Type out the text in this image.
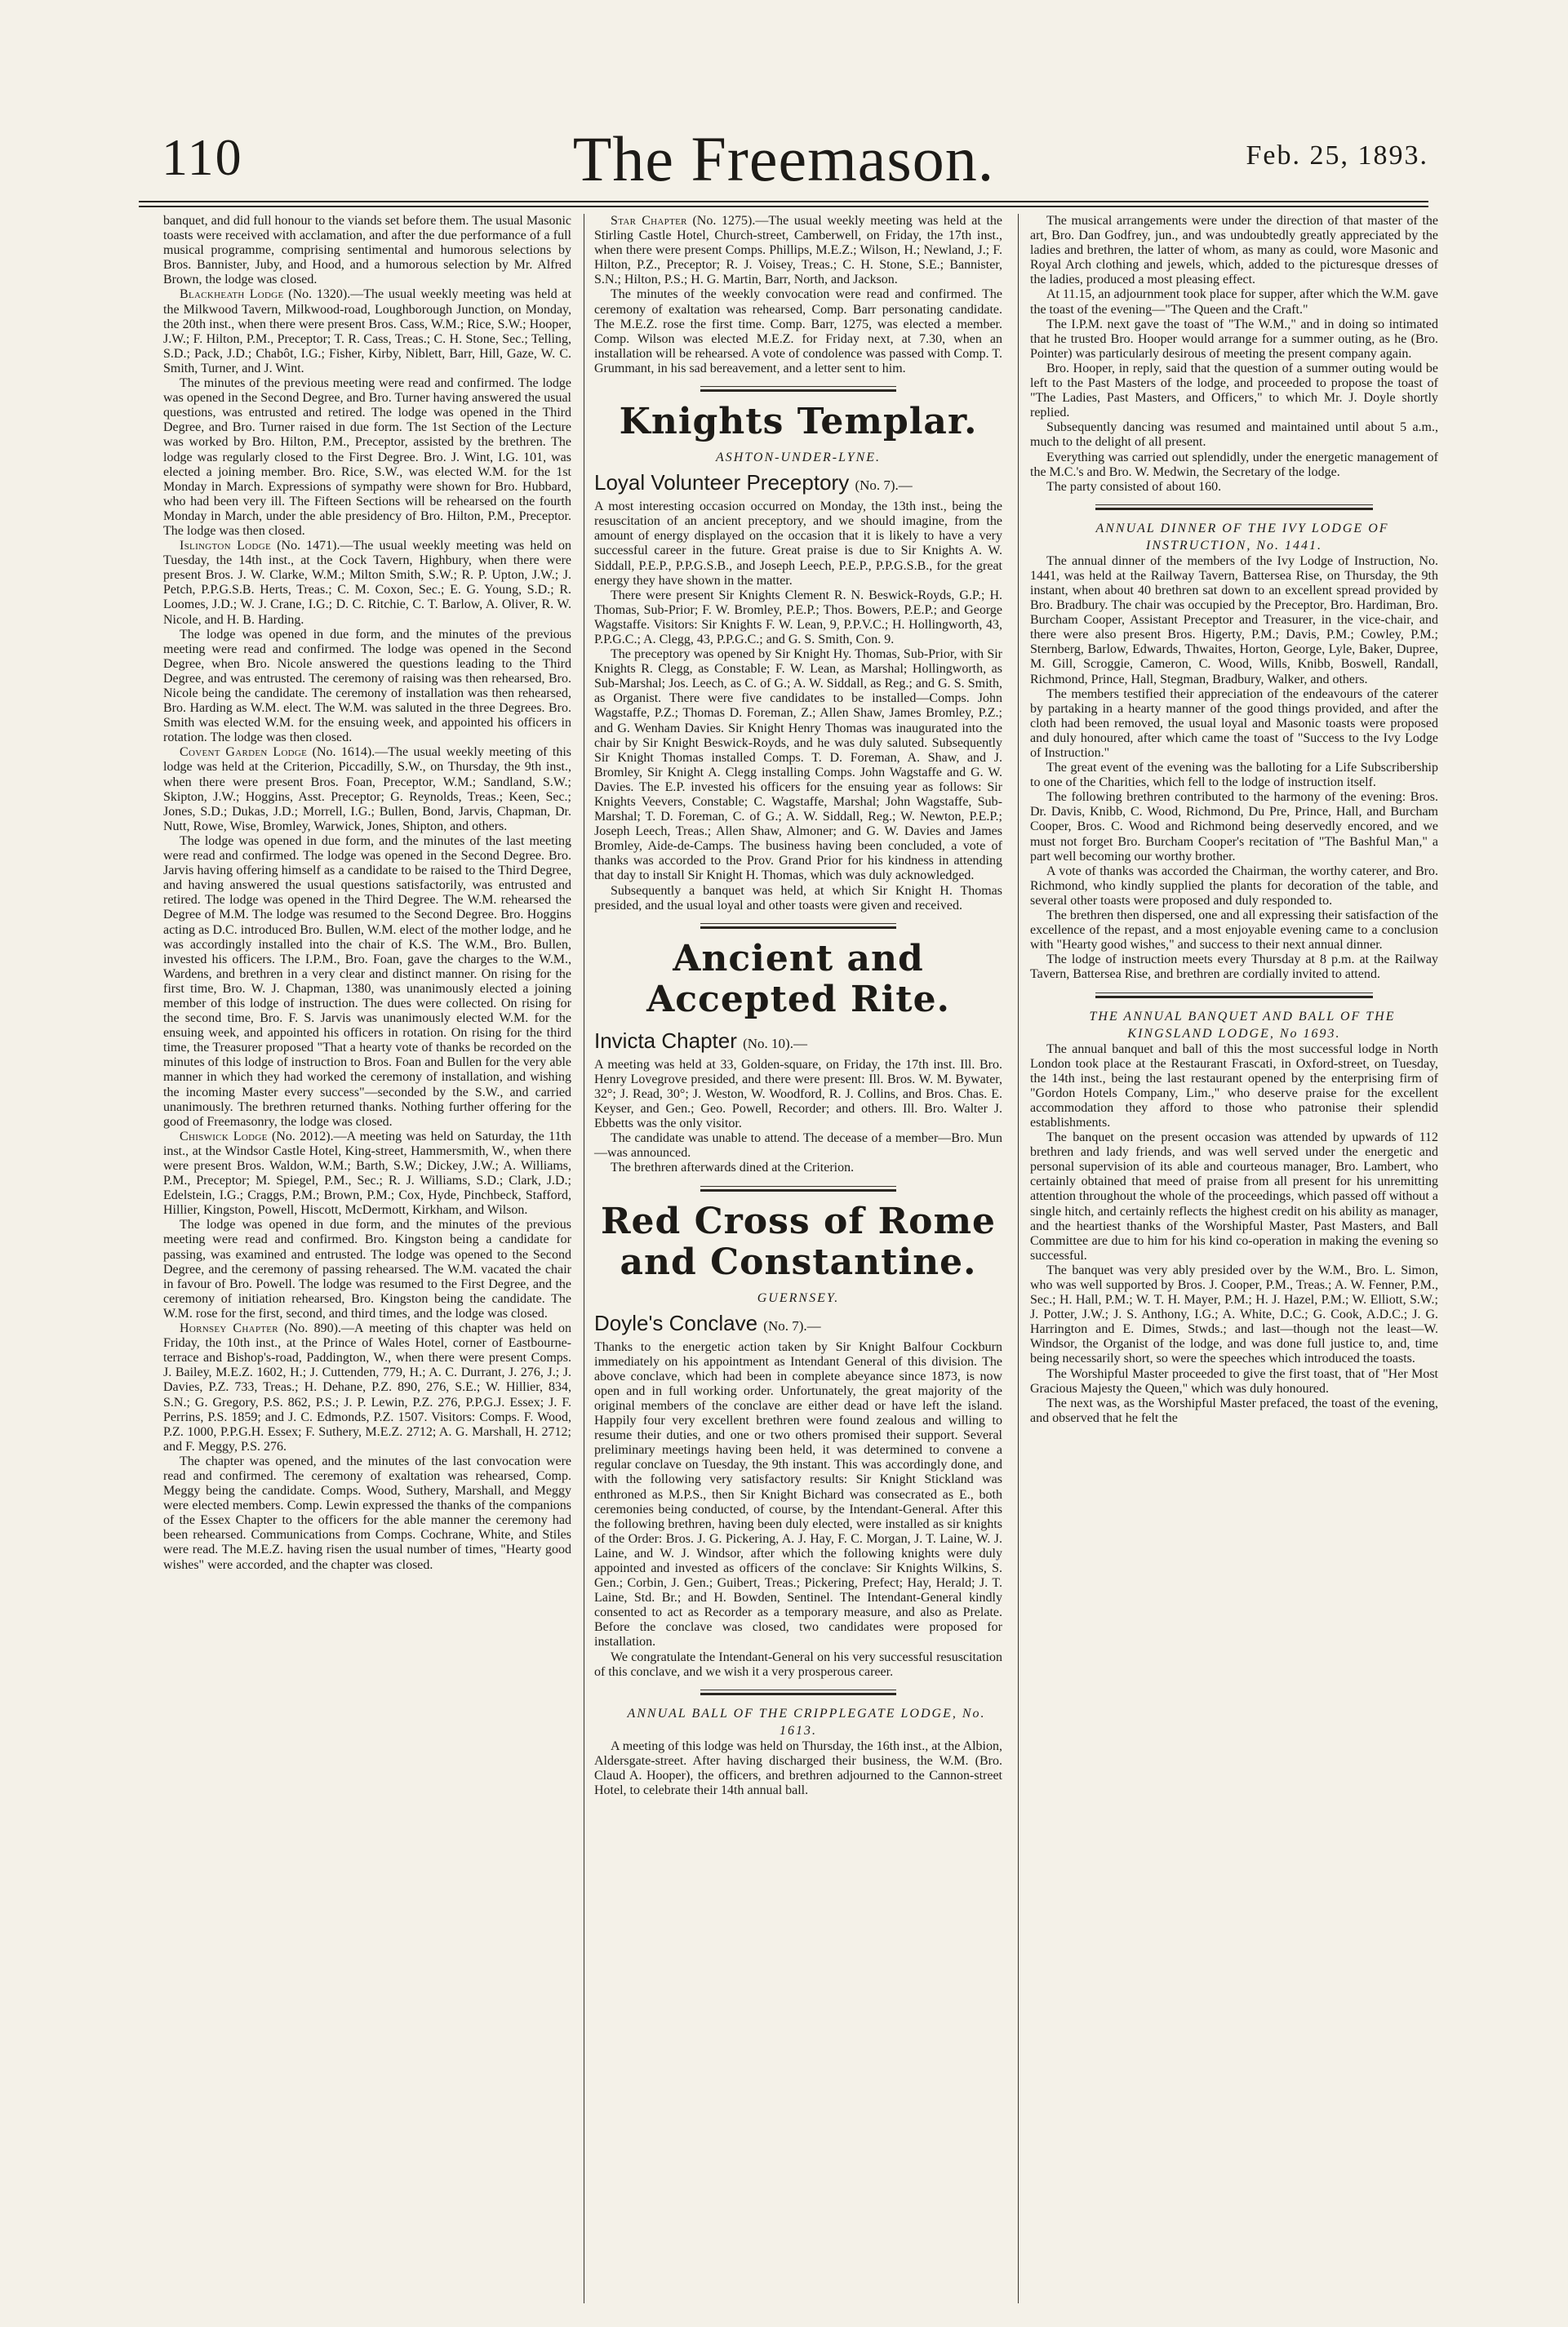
110	The Freemason.	Feb. 25, 1893.

banquet, and did full honour to the viands set before them. The usual Masonic toasts were received with acclamation, and after the due performance of a full musical programme, comprising sentimental and humorous selections by Bros. Bannister, Juby, and Hood, and a humorous selection by Mr. Alfred Brown, the lodge was closed.

Blackheath Lodge (No. 1320).—The usual weekly meeting was held at the Milkwood Tavern, Milkwood-road, Loughborough Junction, on Monday, the 20th inst., when there were present Bros. Cass, W.M.; Rice, S.W.; Hooper, J.W.; F. Hilton, P.M., Preceptor; T. R. Cass, Treas.; C. H. Stone, Sec.; Telling, S.D.; Pack, J.D.; Chabôt, I.G.; Fisher, Kirby, Niblett, Barr, Hill, Gaze, W. C. Smith, Turner, and J. Wint.

The minutes of the previous meeting were read and confirmed. The lodge was opened in the Second Degree, and Bro. Turner having answered the usual questions, was entrusted and retired. The lodge was opened in the Third Degree, and Bro. Turner raised in due form. The 1st Section of the Lecture was worked by Bro. Hilton, P.M., Preceptor, assisted by the brethren. The lodge was regularly closed to the First Degree. Bro. J. Wint, I.G. 101, was elected a joining member. Bro. Rice, S.W., was elected W.M. for the 1st Monday in March. Expressions of sympathy were shown for Bro. Hubbard, who had been very ill. The Fifteen Sections will be rehearsed on the fourth Monday in March, under the able presidency of Bro. Hilton, P.M., Preceptor. The lodge was then closed.

Islington Lodge (No. 1471).—The usual weekly meeting was held on Tuesday, the 14th inst., at the Cock Tavern, Highbury, when there were present Bros. J. W. Clarke, W.M.; Milton Smith, S.W.; R. P. Upton, J.W.; J. Petch, P.P.G.S.B. Herts, Treas.; C. M. Coxon, Sec.; E. G. Young, S.D.; R. Loomes, J.D.; W. J. Crane, I.G.; D. C. Ritchie, C. T. Barlow, A. Oliver, R. W. Nicole, and H. B. Harding.

The lodge was opened in due form, and the minutes of the previous meeting were read and confirmed. The lodge was opened in the Second Degree, when Bro. Nicole answered the questions leading to the Third Degree, and was entrusted. The ceremony of raising was then rehearsed, Bro. Nicole being the candidate. The ceremony of installation was then rehearsed, Bro. Harding as W.M. elect. The W.M. was saluted in the three Degrees. Bro. Smith was elected W.M. for the ensuing week, and appointed his officers in rotation. The lodge was then closed.

Covent Garden Lodge (No. 1614).—The usual weekly meeting of this lodge was held at the Criterion, Piccadilly, S.W., on Thursday, the 9th inst., when there were present Bros. Foan, Preceptor, W.M.; Sandland, S.W.; Skipton, J.W.; Hoggins, Asst. Preceptor; G. Reynolds, Treas.; Keen, Sec.; Jones, S.D.; Dukas, J.D.; Morrell, I.G.; Bullen, Bond, Jarvis, Chapman, Dr. Nutt, Rowe, Wise, Bromley, Warwick, Jones, Shipton, and others.

The lodge was opened in due form, and the minutes of the last meeting were read and confirmed. The lodge was opened in the Second Degree. Bro. Jarvis having offering himself as a candidate to be raised to the Third Degree, and having answered the usual questions satisfactorily, was entrusted and retired. The lodge was opened in the Third Degree. The W.M. rehearsed the Degree of M.M. The lodge was resumed to the Second Degree. Bro. Hoggins acting as D.C. introduced Bro. Bullen, W.M. elect of the mother lodge, and he was accordingly installed into the chair of K.S. The W.M., Bro. Bullen, invested his officers. The I.P.M., Bro. Foan, gave the charges to the W.M., Wardens, and brethren in a very clear and distinct manner. On rising for the first time, Bro. W. J. Chapman, 1380, was unanimously elected a joining member of this lodge of instruction. The dues were collected. On rising for the second time, Bro. F. S. Jarvis was unanimously elected W.M. for the ensuing week, and appointed his officers in rotation. On rising for the third time, the Treasurer proposed "That a hearty vote of thanks be recorded on the minutes of this lodge of instruction to Bros. Foan and Bullen for the very able manner in which they had worked the ceremony of installation, and wishing the incoming Master every success"—seconded by the S.W., and carried unanimously. The brethren returned thanks. Nothing further offering for the good of Freemasonry, the lodge was closed.

Chiswick Lodge (No. 2012).—A meeting was held on Saturday, the 11th inst., at the Windsor Castle Hotel, King-street, Hammersmith, W., when there were present Bros. Waldon, W.M.; Barth, S.W.; Dickey, J.W.; A. Williams, P.M., Preceptor; M. Spiegel, P.M., Sec.; R. J. Williams, S.D.; Clark, J.D.; Edelstein, I.G.; Craggs, P.M.; Brown, P.M.; Cox, Hyde, Pinchbeck, Stafford, Hillier, Kingston, Powell, Hiscott, McDermott, Kirkham, and Wilson.

The lodge was opened in due form, and the minutes of the previous meeting were read and confirmed. Bro. Kingston being a candidate for passing, was examined and entrusted. The lodge was opened to the Second Degree, and the ceremony of passing rehearsed. The W.M. vacated the chair in favour of Bro. Powell. The lodge was resumed to the First Degree, and the ceremony of initiation rehearsed, Bro. Kingston being the candidate. The W.M. rose for the first, second, and third times, and the lodge was closed.

Hornsey Chapter (No. 890).—A meeting of this chapter was held on Friday, the 10th inst., at the Prince of Wales Hotel, corner of Eastbourne-terrace and Bishop's-road, Paddington, W., when there were present Comps. J. Bailey, M.E.Z. 1602, H.; J. Cuttenden, 779, H.; A. C. Durrant, J. 276, J.; J. Davies, P.Z. 733, Treas.; H. Dehane, P.Z. 890, 276, S.E.; W. Hillier, 834, S.N.; G. Gregory, P.S. 862, P.S.; J. P. Lewin, P.Z. 276, P.P.G.J. Essex; J. F. Perrins, P.S. 1859; and J. C. Edmonds, P.Z. 1507. Visitors: Comps. F. Wood, P.Z. 1000, P.P.G.H. Essex; F. Suthery, M.E.Z. 2712; A. G. Marshall, H. 2712; and F. Meggy, P.S. 276.

The chapter was opened, and the minutes of the last convocation were read and confirmed. The ceremony of exaltation was rehearsed, Comp. Meggy being the candidate. Comps. Wood, Suthery, Marshall, and Meggy were elected members. Comp. Lewin expressed the thanks of the companions of the Essex Chapter to the officers for the able manner the ceremony had been rehearsed. Communications from Comps. Cochrane, White, and Stiles were read. The M.E.Z. having risen the usual number of times, "Hearty good wishes" were accorded, and the chapter was closed.

Star Chapter (No. 1275).—The usual weekly meeting was held at the Stirling Castle Hotel, Church-street, Camberwell, on Friday, the 17th inst., when there were present Comps. Phillips, M.E.Z.; Wilson, H.; Newland, J.; F. Hilton, P.Z., Preceptor; R. J. Voisey, Treas.; C. H. Stone, S.E.; Bannister, S.N.; Hilton, P.S.; H. G. Martin, Barr, North, and Jackson.

The minutes of the weekly convocation were read and confirmed. The ceremony of exaltation was rehearsed, Comp. Barr personating candidate. The M.E.Z. rose the first time. Comp. Barr, 1275, was elected a member. Comp. Wilson was elected M.E.Z. for Friday next, at 7.30, when an installation will be rehearsed. A vote of condolence was passed with Comp. T. Grummant, in his sad bereavement, and a letter sent to him.

Knights Templar.
ASHTON-UNDER-LYNE.
Loyal Volunteer Preceptory (No. 7).—

A most interesting occasion occurred on Monday, the 13th inst., being the resuscitation of an ancient preceptory, and we should imagine, from the amount of energy displayed on the occasion that it is likely to have a very successful career in the future. Great praise is due to Sir Knights A. W. Siddall, P.E.P., P.P.G.S.B., and Joseph Leech, P.E.P., P.P.G.S.B., for the great energy they have shown in the matter.

There were present Sir Knights Clement R. N. Beswick-Royds, G.P.; H. Thomas, Sub-Prior; F. W. Bromley, P.E.P.; Thos. Bowers, P.E.P.; and George Wagstaffe. Visitors: Sir Knights F. W. Lean, 9, P.P.V.C.; H. Hollingworth, 43, P.P.G.C.; A. Clegg, 43, P.P.G.C.; and G. S. Smith, Con. 9.

The preceptory was opened by Sir Knight Hy. Thomas, Sub-Prior, with Sir Knights R. Clegg, as Constable; F. W. Lean, as Marshal; Hollingworth, as Sub-Marshal; Jos. Leech, as C. of G.; A. W. Siddall, as Reg.; and G. S. Smith, as Organist. There were five candidates to be installed—Comps. John Wagstaffe, P.Z.; Thomas D. Foreman, Z.; Allen Shaw, James Bromley, P.Z.; and G. Wenham Davies. Sir Knight Henry Thomas was inaugurated into the chair by Sir Knight Beswick-Royds, and he was duly saluted. Subsequently Sir Knight Thomas installed Comps. T. D. Foreman, A. Shaw, and J. Bromley, Sir Knight A. Clegg installing Comps. John Wagstaffe and G. W. Davies. The E.P. invested his officers for the ensuing year as follows: Sir Knights Veevers, Constable; C. Wagstaffe, Marshal; John Wagstaffe, Sub-Marshal; T. D. Foreman, C. of G.; A. W. Siddall, Reg.; W. Newton, P.E.P.; Joseph Leech, Treas.; Allen Shaw, Almoner; and G. W. Davies and James Bromley, Aide-de-Camps. The business having been concluded, a vote of thanks was accorded to the Prov. Grand Prior for his kindness in attending that day to install Sir Knight H. Thomas, which was duly acknowledged.

Subsequently a banquet was held, at which Sir Knight H. Thomas presided, and the usual loyal and other toasts were given and received.

Ancient and Accepted Rite.
Invicta Chapter (No. 10).—

A meeting was held at 33, Golden-square, on Friday, the 17th inst. Ill. Bro. Henry Lovegrove presided, and there were present: Ill. Bros. W. M. Bywater, 32°; J. Read, 30°; J. Weston, W. Woodford, R. J. Collins, and Bros. Chas. E. Keyser, and Gen.; Geo. Powell, Recorder; and others. Ill. Bro. Walter J. Ebbetts was the only visitor.

The candidate was unable to attend. The decease of a member—Bro. Mun—was announced.

The brethren afterwards dined at the Criterion.

Red Cross of Rome and Constantine.
GUERNSEY.
Doyle's Conclave (No. 7).—

Thanks to the energetic action taken by Sir Knight Balfour Cockburn immediately on his appointment as Intendant General of this division. The above conclave, which had been in complete abeyance since 1873, is now open and in full working order. Unfortunately, the great majority of the original members of the conclave are either dead or have left the island. Happily four very excellent brethren were found zealous and willing to resume their duties, and one or two others promised their support. Several preliminary meetings having been held, it was determined to convene a regular conclave on Tuesday, the 9th instant. This was accordingly done, and with the following very satisfactory results: Sir Knight Stickland was enthroned as M.P.S., then Sir Knight Bichard was consecrated as E., both ceremonies being conducted, of course, by the Intendant-General. After this the following brethren, having been duly elected, were installed as sir knights of the Order: Bros. J. G. Pickering, A. J. Hay, F. C. Morgan, J. T. Laine, W. J. Laine, and W. J. Windsor, after which the following knights were duly appointed and invested as officers of the conclave: Sir Knights Wilkins, S. Gen.; Corbin, J. Gen.; Guibert, Treas.; Pickering, Prefect; Hay, Herald; J. T. Laine, Std. Br.; and H. Bowden, Sentinel. The Intendant-General kindly consented to act as Recorder as a temporary measure, and also as Prelate. Before the conclave was closed, two candidates were proposed for installation.

We congratulate the Intendant-General on his very successful resuscitation of this conclave, and we wish it a very prosperous career.

ANNUAL BALL OF THE CRIPPLEGATE LODGE, No. 1613.

A meeting of this lodge was held on Thursday, the 16th inst., at the Albion, Aldersgate-street. After having discharged their business, the W.M. (Bro. Claud A. Hooper), the officers, and brethren adjourned to the Cannon-street Hotel, to celebrate their 14th annual ball.

The musical arrangements were under the direction of that master of the art, Bro. Dan Godfrey, jun., and was undoubtedly greatly appreciated by the ladies and brethren, the latter of whom, as many as could, wore Masonic and Royal Arch clothing and jewels, which, added to the picturesque dresses of the ladies, produced a most pleasing effect.

At 11.15, an adjournment took place for supper, after which the W.M. gave the toast of the evening—"The Queen and the Craft."

The I.P.M. next gave the toast of "The W.M.," and in doing so intimated that he trusted Bro. Hooper would arrange for a summer outing, as he (Bro. Pointer) was particularly desirous of meeting the present company again.

Bro. Hooper, in reply, said that the question of a summer outing would be left to the Past Masters of the lodge, and proceeded to propose the toast of "The Ladies, Past Masters, and Officers," to which Mr. J. Doyle shortly replied.

Subsequently dancing was resumed and maintained until about 5 a.m., much to the delight of all present.

Everything was carried out splendidly, under the energetic management of the M.C.'s and Bro. W. Medwin, the Secretary of the lodge.

The party consisted of about 160.

ANNUAL DINNER OF THE IVY LODGE OF INSTRUCTION, No. 1441.

The annual dinner of the members of the Ivy Lodge of Instruction, No. 1441, was held at the Railway Tavern, Battersea Rise, on Thursday, the 9th instant, when about 40 brethren sat down to an excellent spread provided by Bro. Bradbury. The chair was occupied by the Preceptor, Bro. Hardiman, Bro. Burcham Cooper, Assistant Preceptor and Treasurer, in the vice-chair, and there were also present Bros. Higerty, P.M.; Davis, P.M.; Cowley, P.M.; Sternberg, Barlow, Edwards, Thwaites, Horton, George, Lyle, Baker, Dupree, M. Gill, Scroggie, Cameron, C. Wood, Wills, Knibb, Boswell, Randall, Richmond, Prince, Hall, Stegman, Bradbury, Walker, and others.

The members testified their appreciation of the endeavours of the caterer by partaking in a hearty manner of the good things provided, and after the cloth had been removed, the usual loyal and Masonic toasts were proposed and duly honoured, after which came the toast of "Success to the Ivy Lodge of Instruction."

The great event of the evening was the balloting for a Life Subscribership to one of the Charities, which fell to the lodge of instruction itself.

The following brethren contributed to the harmony of the evening: Bros. Dr. Davis, Knibb, C. Wood, Richmond, Du Pre, Prince, Hall, and Burcham Cooper, Bros. C. Wood and Richmond being deservedly encored, and we must not forget Bro. Burcham Cooper's recitation of "The Bashful Man," a part well becoming our worthy brother.

A vote of thanks was accorded the Chairman, the worthy caterer, and Bro. Richmond, who kindly supplied the plants for decoration of the table, and several other toasts were proposed and duly responded to.

The brethren then dispersed, one and all expressing their satisfaction of the excellence of the repast, and a most enjoyable evening came to a conclusion with "Hearty good wishes," and success to their next annual dinner.

The lodge of instruction meets every Thursday at 8 p.m. at the Railway Tavern, Battersea Rise, and brethren are cordially invited to attend.

THE ANNUAL BANQUET AND BALL OF THE KINGSLAND LODGE, No 1693.

The annual banquet and ball of this the most successful lodge in North London took place at the Restaurant Frascati, in Oxford-street, on Tuesday, the 14th inst., being the last restaurant opened by the enterprising firm of "Gordon Hotels Company, Lim.," who deserve praise for the excellent accommodation they afford to those who patronise their splendid establishments.

The banquet on the present occasion was attended by upwards of 112 brethren and lady friends, and was well served under the energetic and personal supervision of its able and courteous manager, Bro. Lambert, who certainly obtained that meed of praise from all present for his unremitting attention throughout the whole of the proceedings, which passed off without a single hitch, and certainly reflects the highest credit on his ability as manager, and the heartiest thanks of the Worshipful Master, Past Masters, and Ball Committee are due to him for his kind co-operation in making the evening so successful.

The banquet was very ably presided over by the W.M., Bro. L. Simon, who was well supported by Bros. J. Cooper, P.M., Treas.; A. W. Fenner, P.M., Sec.; H. Hall, P.M.; W. T. H. Mayer, P.M.; H. J. Hazel, P.M.; W. Elliott, S.W.; J. Potter, J.W.; J. S. Anthony, I.G.; A. White, D.C.; G. Cook, A.D.C.; J. G. Harrington and E. Dimes, Stwds.; and last—though not the least—W. Windsor, the Organist of the lodge, and was done full justice to, and, time being necessarily short, so were the speeches which introduced the toasts.

The Worshipful Master proceeded to give the first toast, that of "Her Most Gracious Majesty the Queen," which was duly honoured.

The next was, as the Worshipful Master prefaced, the toast of the evening, and observed that he felt the
